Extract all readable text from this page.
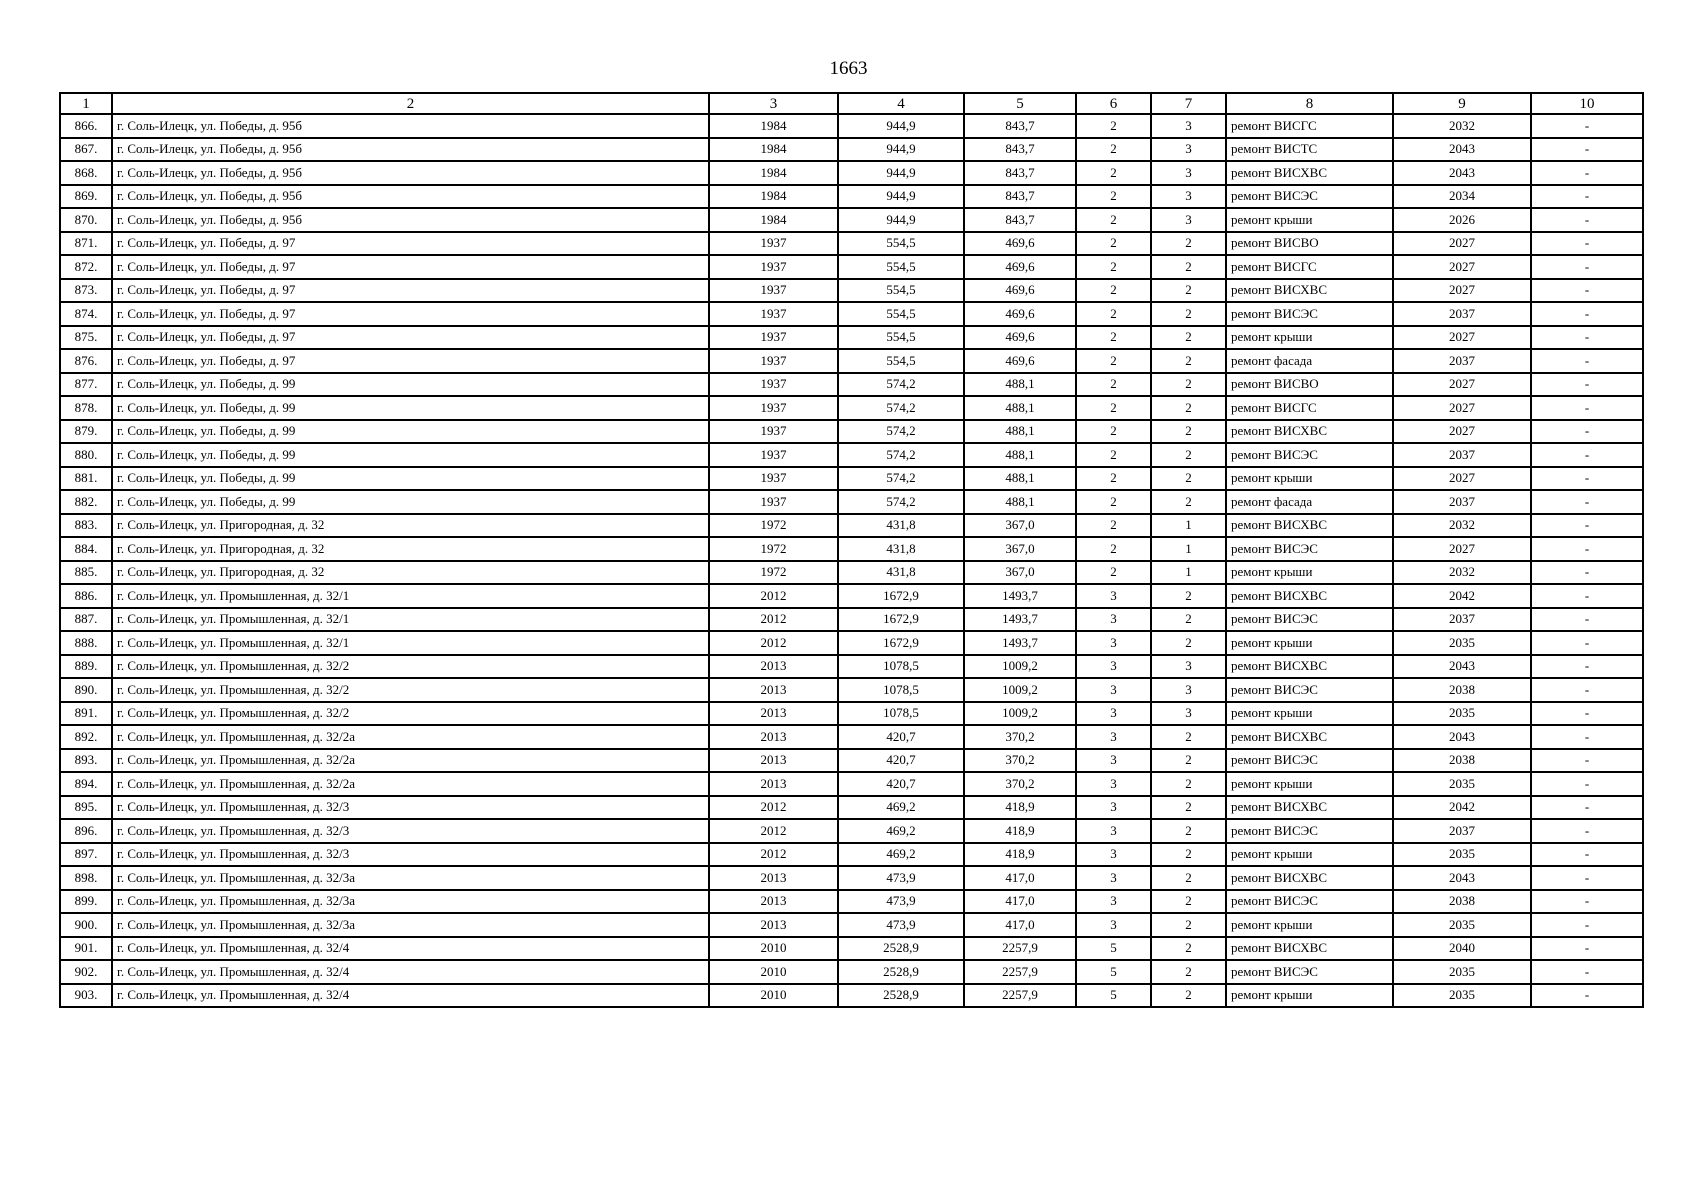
1663
1	2	3	4	5	6	7	8	9	10
866.	г. Соль-Илецк, ул. Победы, д. 95б	1984	944,9	843,7	2	3	ремонт ВИСГС	2032	-
867.	г. Соль-Илецк, ул. Победы, д. 95б	1984	944,9	843,7	2	3	ремонт ВИСТС	2043	-
868.	г. Соль-Илецк, ул. Победы, д. 95б	1984	944,9	843,7	2	3	ремонт ВИСХВС	2043	-
869.	г. Соль-Илецк, ул. Победы, д. 95б	1984	944,9	843,7	2	3	ремонт ВИСЭС	2034	-
870.	г. Соль-Илецк, ул. Победы, д. 95б	1984	944,9	843,7	2	3	ремонт крыши	2026	-
871.	г. Соль-Илецк, ул. Победы, д. 97	1937	554,5	469,6	2	2	ремонт ВИСВО	2027	-
872.	г. Соль-Илецк, ул. Победы, д. 97	1937	554,5	469,6	2	2	ремонт ВИСГС	2027	-
873.	г. Соль-Илецк, ул. Победы, д. 97	1937	554,5	469,6	2	2	ремонт ВИСХВС	2027	-
874.	г. Соль-Илецк, ул. Победы, д. 97	1937	554,5	469,6	2	2	ремонт ВИСЭС	2037	-
875.	г. Соль-Илецк, ул. Победы, д. 97	1937	554,5	469,6	2	2	ремонт крыши	2027	-
876.	г. Соль-Илецк, ул. Победы, д. 97	1937	554,5	469,6	2	2	ремонт фасада	2037	-
877.	г. Соль-Илецк, ул. Победы, д. 99	1937	574,2	488,1	2	2	ремонт ВИСВО	2027	-
878.	г. Соль-Илецк, ул. Победы, д. 99	1937	574,2	488,1	2	2	ремонт ВИСГС	2027	-
879.	г. Соль-Илецк, ул. Победы, д. 99	1937	574,2	488,1	2	2	ремонт ВИСХВС	2027	-
880.	г. Соль-Илецк, ул. Победы, д. 99	1937	574,2	488,1	2	2	ремонт ВИСЭС	2037	-
881.	г. Соль-Илецк, ул. Победы, д. 99	1937	574,2	488,1	2	2	ремонт крыши	2027	-
882.	г. Соль-Илецк, ул. Победы, д. 99	1937	574,2	488,1	2	2	ремонт фасада	2037	-
883.	г. Соль-Илецк, ул. Пригородная, д. 32	1972	431,8	367,0	2	1	ремонт ВИСХВС	2032	-
884.	г. Соль-Илецк, ул. Пригородная, д. 32	1972	431,8	367,0	2	1	ремонт ВИСЭС	2027	-
885.	г. Соль-Илецк, ул. Пригородная, д. 32	1972	431,8	367,0	2	1	ремонт крыши	2032	-
886.	г. Соль-Илецк, ул. Промышленная, д. 32/1	2012	1672,9	1493,7	3	2	ремонт ВИСХВС	2042	-
887.	г. Соль-Илецк, ул. Промышленная, д. 32/1	2012	1672,9	1493,7	3	2	ремонт ВИСЭС	2037	-
888.	г. Соль-Илецк, ул. Промышленная, д. 32/1	2012	1672,9	1493,7	3	2	ремонт крыши	2035	-
889.	г. Соль-Илецк, ул. Промышленная, д. 32/2	2013	1078,5	1009,2	3	3	ремонт ВИСХВС	2043	-
890.	г. Соль-Илецк, ул. Промышленная, д. 32/2	2013	1078,5	1009,2	3	3	ремонт ВИСЭС	2038	-
891.	г. Соль-Илецк, ул. Промышленная, д. 32/2	2013	1078,5	1009,2	3	3	ремонт крыши	2035	-
892.	г. Соль-Илецк, ул. Промышленная, д. 32/2а	2013	420,7	370,2	3	2	ремонт ВИСХВС	2043	-
893.	г. Соль-Илецк, ул. Промышленная, д. 32/2а	2013	420,7	370,2	3	2	ремонт ВИСЭС	2038	-
894.	г. Соль-Илецк, ул. Промышленная, д. 32/2а	2013	420,7	370,2	3	2	ремонт крыши	2035	-
895.	г. Соль-Илецк, ул. Промышленная, д. 32/3	2012	469,2	418,9	3	2	ремонт ВИСХВС	2042	-
896.	г. Соль-Илецк, ул. Промышленная, д. 32/3	2012	469,2	418,9	3	2	ремонт ВИСЭС	2037	-
897.	г. Соль-Илецк, ул. Промышленная, д. 32/3	2012	469,2	418,9	3	2	ремонт крыши	2035	-
898.	г. Соль-Илецк, ул. Промышленная, д. 32/3а	2013	473,9	417,0	3	2	ремонт ВИСХВС	2043	-
899.	г. Соль-Илецк, ул. Промышленная, д. 32/3а	2013	473,9	417,0	3	2	ремонт ВИСЭС	2038	-
900.	г. Соль-Илецк, ул. Промышленная, д. 32/3а	2013	473,9	417,0	3	2	ремонт крыши	2035	-
901.	г. Соль-Илецк, ул. Промышленная, д. 32/4	2010	2528,9	2257,9	5	2	ремонт ВИСХВС	2040	-
902.	г. Соль-Илецк, ул. Промышленная, д. 32/4	2010	2528,9	2257,9	5	2	ремонт ВИСЭС	2035	-
903.	г. Соль-Илецк, ул. Промышленная, д. 32/4	2010	2528,9	2257,9	5	2	ремонт крыши	2035	-
